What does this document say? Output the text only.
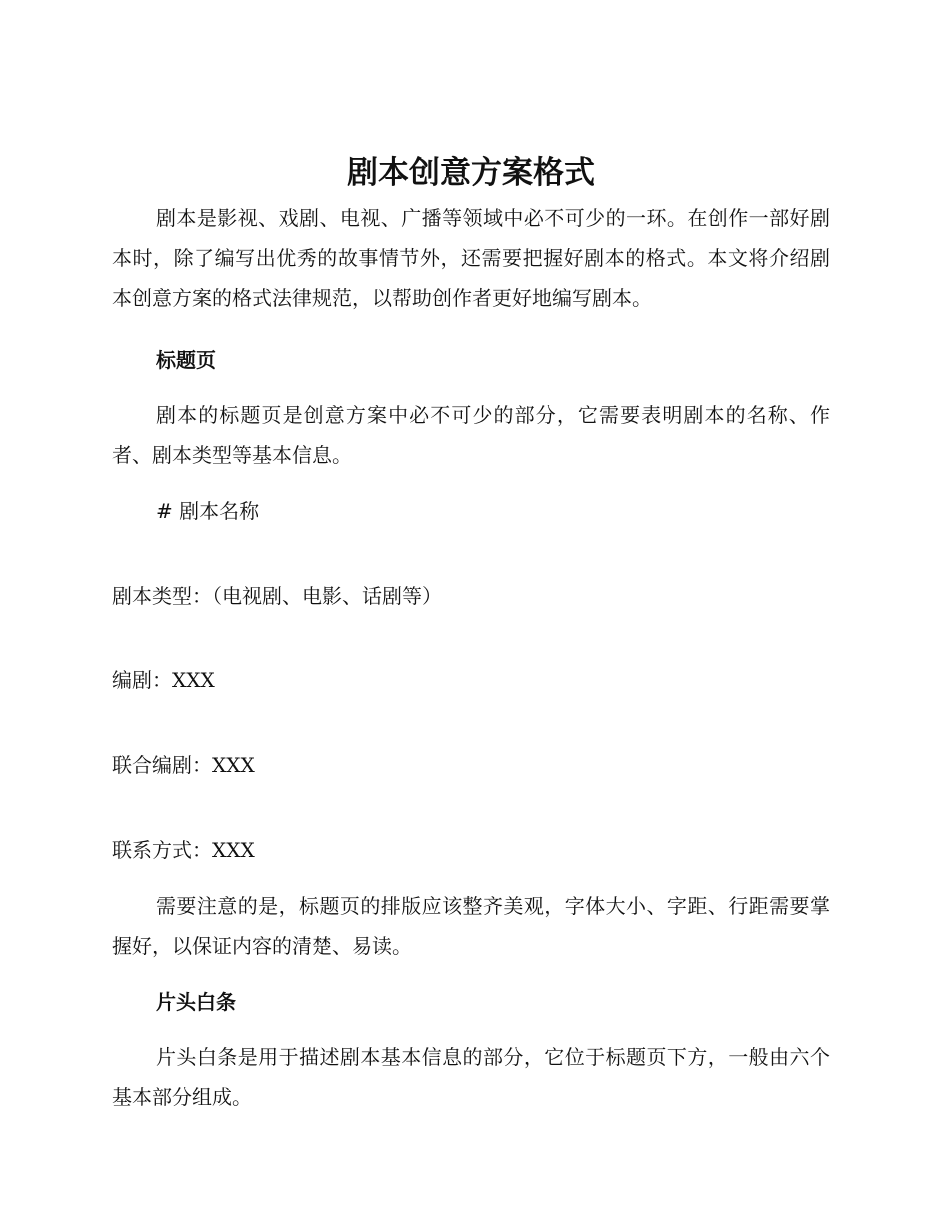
剧本创意方案格式

剧本是影视、戏剧、电视、广播等领域中必不可少的一环。在创作一部好剧本时，除了编写出优秀的故事情节外，还需要把握好剧本的格式。本文将介绍剧本创意方案的格式法律规范，以帮助创作者更好地编写剧本。

标题页

剧本的标题页是创意方案中必不可少的部分，它需要表明剧本的名称、作者、剧本类型等基本信息。

# 剧本名称

剧本类型：（电视剧、电影、话剧等）

编剧：XXX

联合编剧：XXX

联系方式：XXX

需要注意的是，标题页的排版应该整齐美观，字体大小、字距、行距需要掌握好，以保证内容的清楚、易读。

片头白条

片头白条是用于描述剧本基本信息的部分，它位于标题页下方，一般由六个基本部分组成。
